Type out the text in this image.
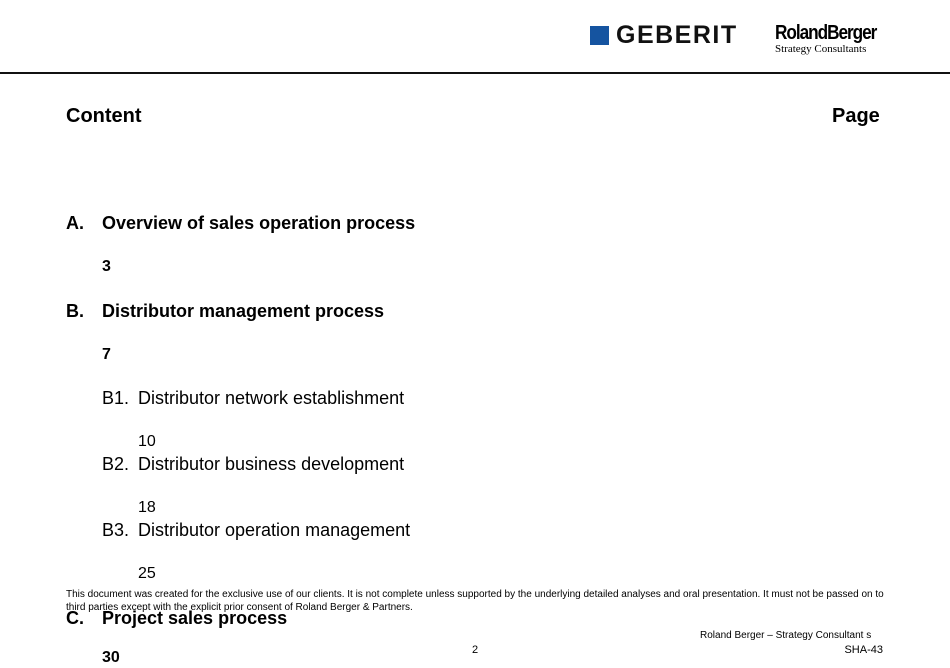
GEBERIT RolandBerger
Strategy Consultants
Content	Page
A. Overview of sales operation process
3
B. Distributor management process
7
B1. Distributor network establishment
10
B2. Distributor business development
18
B3. Distributor operation management
25
C. Project sales process
30
This document was created for the exclusive use of our clients. It is not complete unless supported by the underlying detailed analyses and oral presentation. It must not be passed on to third parties except with the explicit prior consent of Roland Berger & Partners.
2
Roland Berger – Strategy Consultant s
SHA-43
